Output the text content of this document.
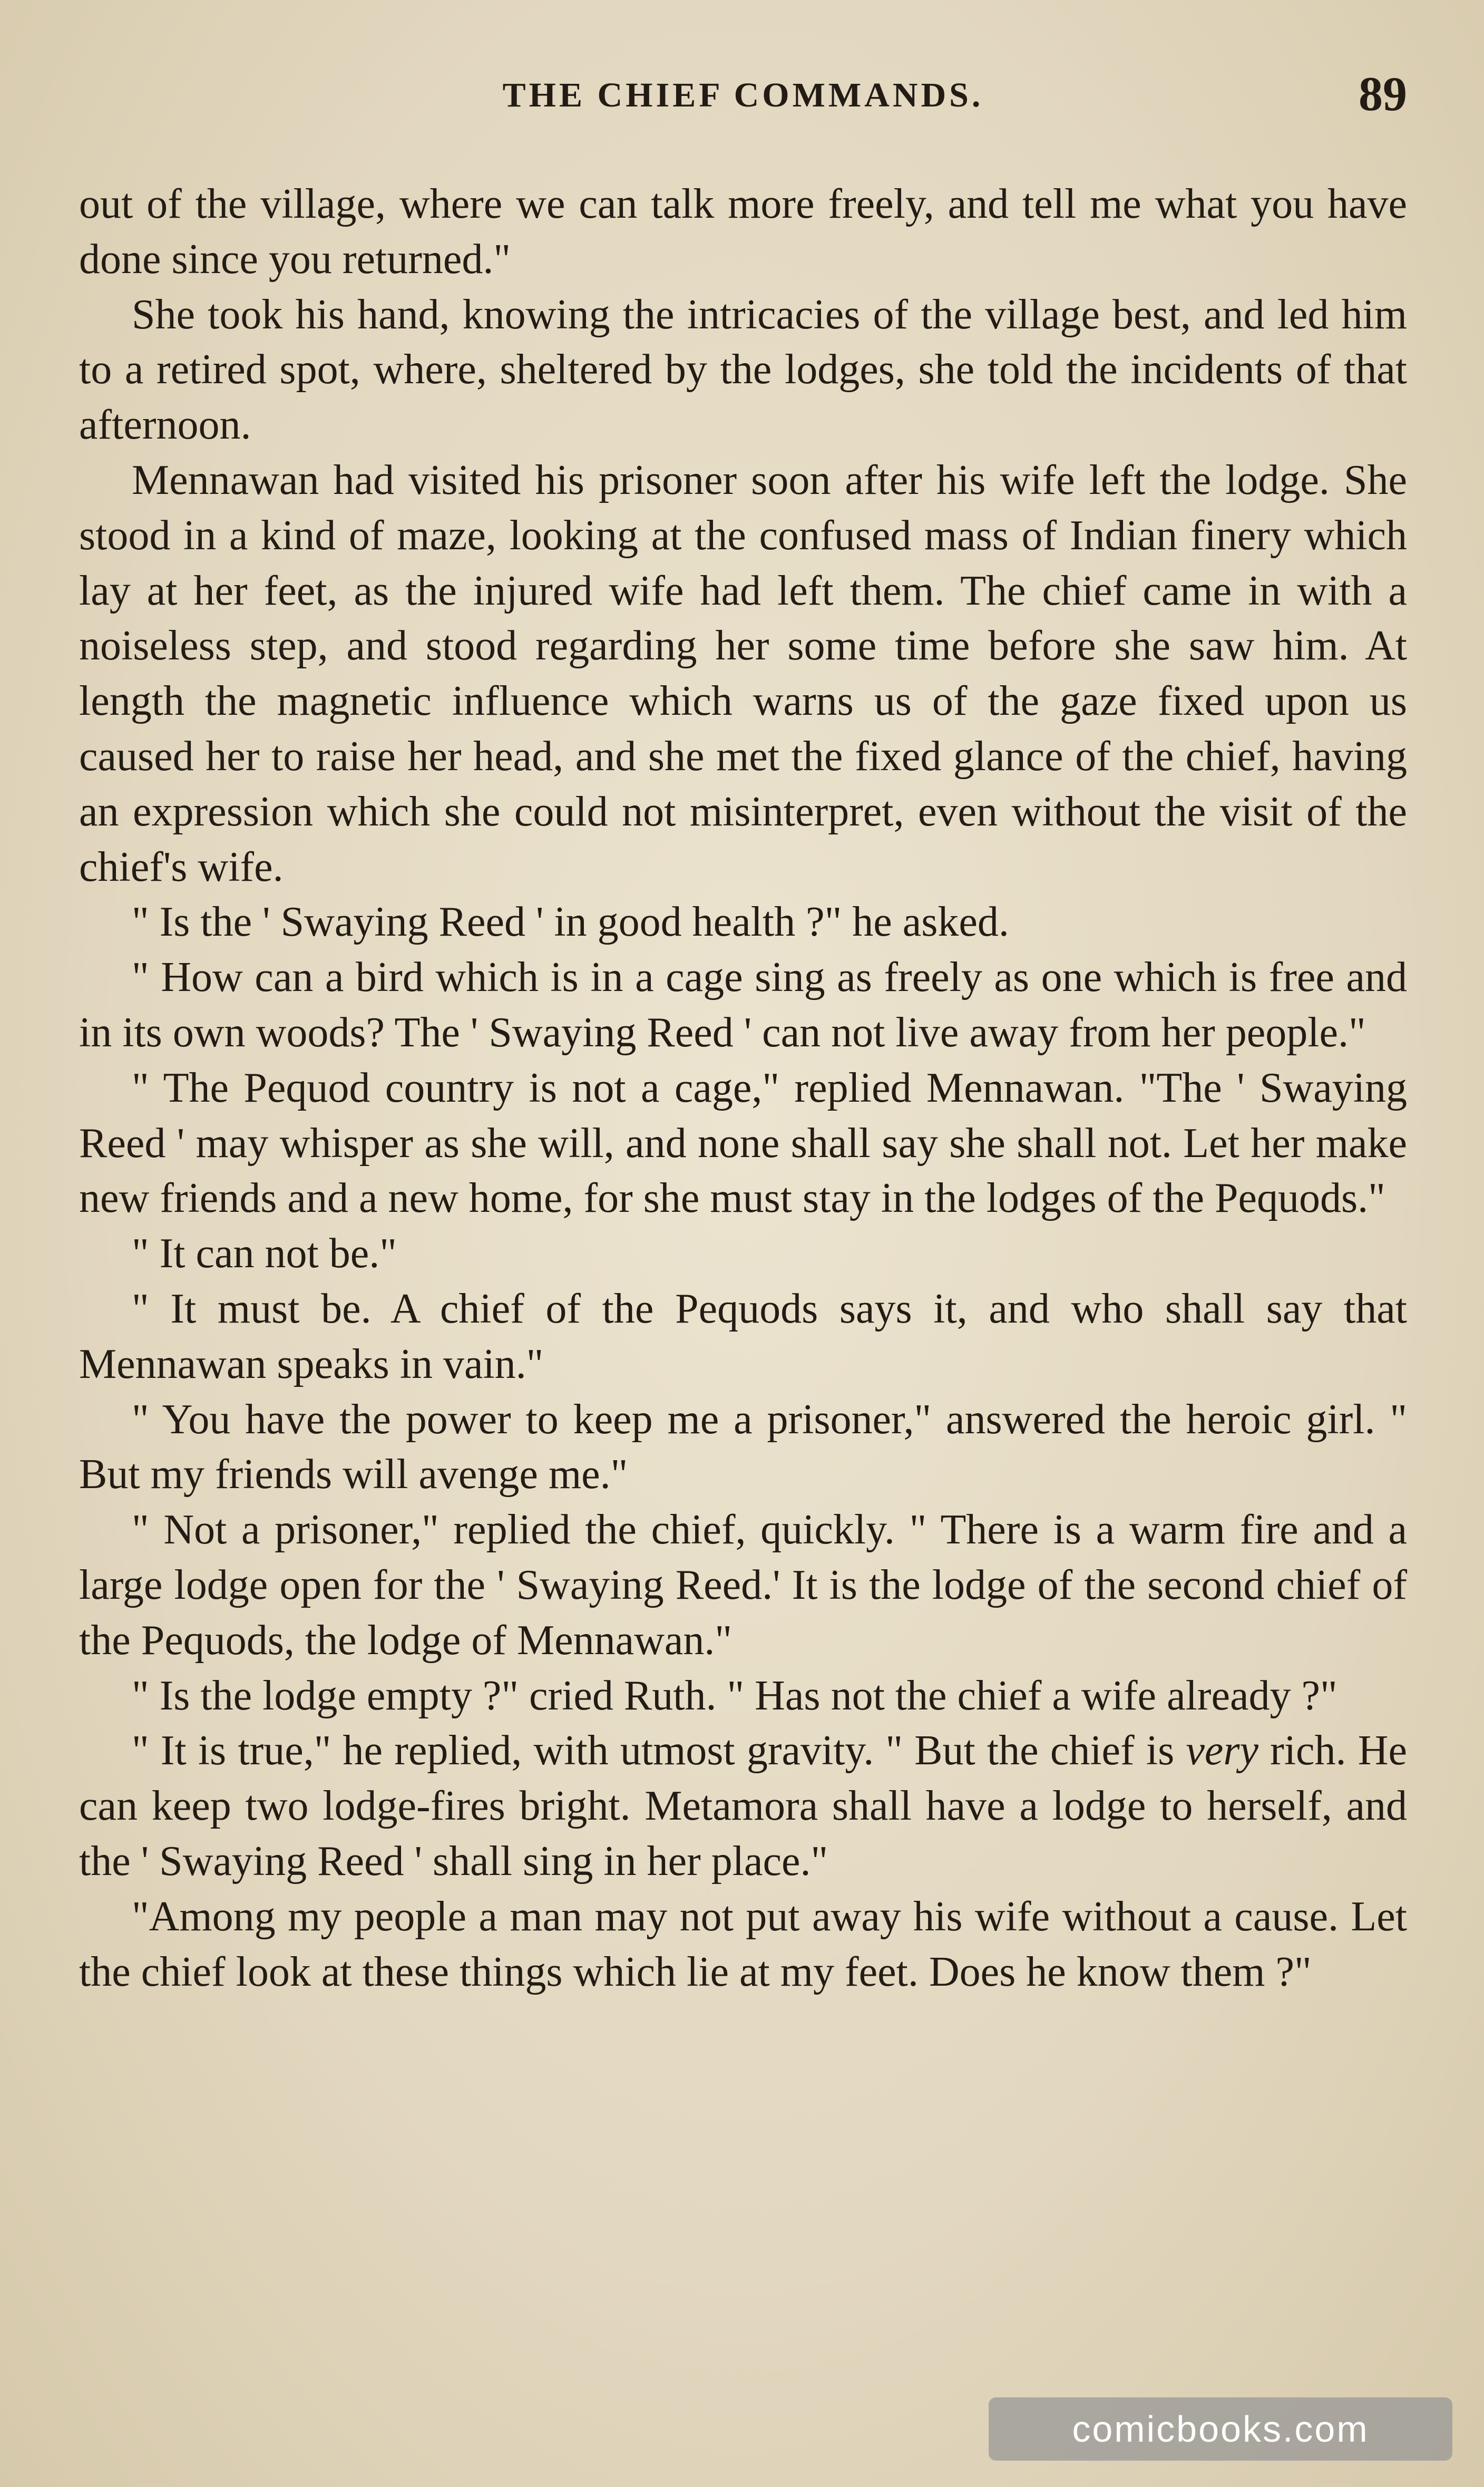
THE CHIEF COMMANDS.	89

out of the village, where we can talk more freely, and tell me what you have done since you returned."

She took his hand, knowing the intricacies of the village best, and led him to a retired spot, where, sheltered by the lodges, she told the incidents of that afternoon.

Mennawan had visited his prisoner soon after his wife left the lodge. She stood in a kind of maze, looking at the confused mass of Indian finery which lay at her feet, as the injured wife had left them. The chief came in with a noiseless step, and stood regarding her some time before she saw him. At length the magnetic influence which warns us of the gaze fixed upon us caused her to raise her head, and she met the fixed glance of the chief, having an expression which she could not misinterpret, even without the visit of the chief's wife.

" Is the ' Swaying Reed ' in good health ?" he asked.

" How can a bird which is in a cage sing as freely as one which is free and in its own woods? The ' Swaying Reed ' can not live away from her people."

" The Pequod country is not a cage," replied Mennawan. "The ' Swaying Reed ' may whisper as she will, and none shall say she shall not. Let her make new friends and a new home, for she must stay in the lodges of the Pequods."

" It can not be."

" It must be. A chief of the Pequods says it, and who shall say that Mennawan speaks in vain."

" You have the power to keep me a prisoner," answered the heroic girl. " But my friends will avenge me."

" Not a prisoner," replied the chief, quickly. " There is a warm fire and a large lodge open for the ' Swaying Reed.' It is the lodge of the second chief of the Pequods, the lodge of Mennawan."

" Is the lodge empty ?" cried Ruth. " Has not the chief a wife already ?"

" It is true," he replied, with utmost gravity. " But the chief is very rich. He can keep two lodge-fires bright. Metamora shall have a lodge to herself, and the ' Swaying Reed ' shall sing in her place."

"Among my people a man may not put away his wife without a cause. Let the chief look at these things which lie at my feet. Does he know them ?"

comicbooks.com
